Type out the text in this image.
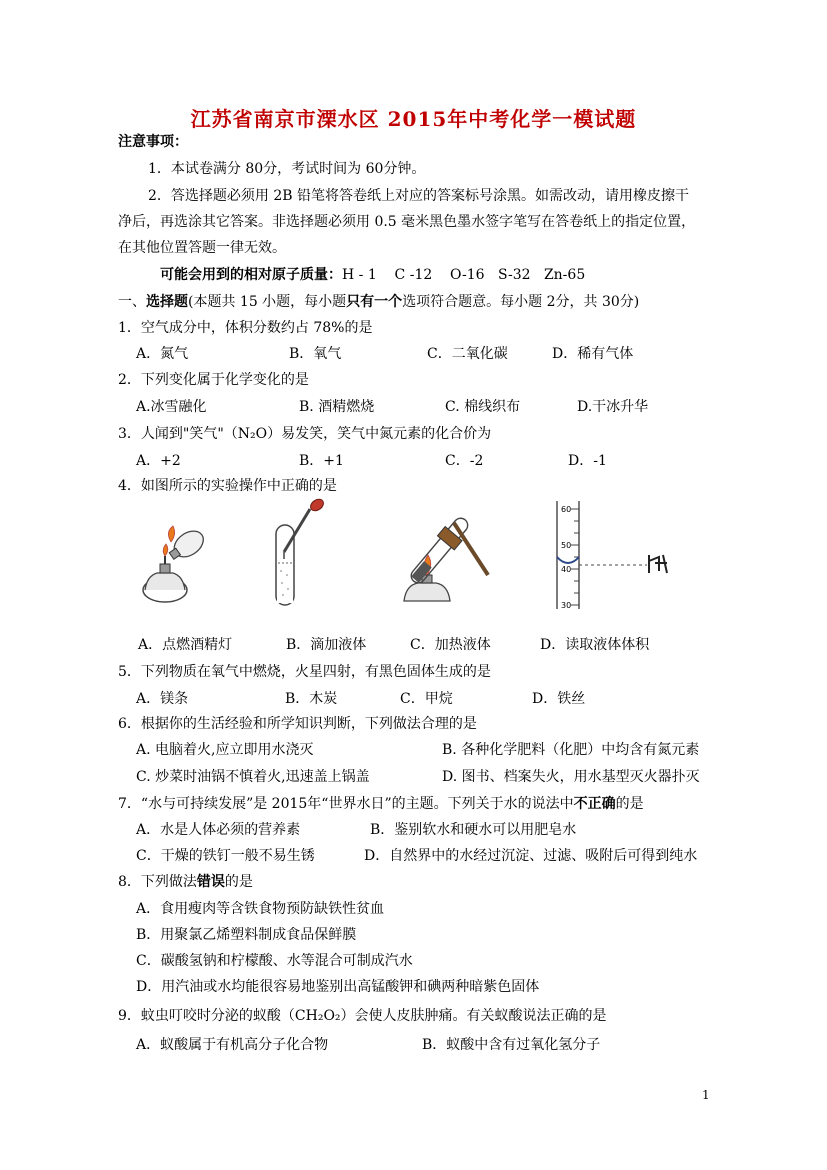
江苏省南京市溧水区 2015年中考化学一模试题
注意事项：
1．本试卷满分 80分，考试时间为 60分钟。
2．答选择题必须用 2B 铅笔将答卷纸上对应的答案标号涂黑。如需改动，请用橡皮擦干
净后，再选涂其它答案。非选择题必须用 0.5 毫米黑色墨水签字笔写在答卷纸上的指定位置，
在其他位置答题一律无效。
可能会用到的相对原子质量：H - 1    C -12    O-16   S-32   Zn-65
一、选择题(本题共 15 小题，每小题只有一个选项符合题意。每小题 2分，共 30分)
1．空气成分中，体积分数约占 78%的是
A．氮气	B．氧气	C．二氧化碳	D．稀有气体
2．下列变化属于化学变化的是
A.冰雪融化	B. 酒精燃烧	C. 棉线织布	D.干冰升华
3．人闻到"笑气"（N₂O）易发笑，笑气中氮元素的化合价为
A．+2	B．+1	C．-2	D．-1
4．如图所示的实验操作中正确的是
60
50
40
30
A．点燃酒精灯	B．滴加液体	C．加热液体	D．读取液体体积
5．下列物质在氧气中燃烧，火星四射，有黑色固体生成的是
A．镁条	B．木炭	C．甲烷	D．铁丝
6．根据你的生活经验和所学知识判断，下列做法合理的是
A. 电脑着火,应立即用水浇灭	B. 各种化学肥料（化肥）中均含有氮元素
C. 炒菜时油锅不慎着火,迅速盖上锅盖	D. 图书、档案失火，用水基型灭火器扑灭
7．“水与可持续发展”是 2015年“世界水日”的主题。下列关于水的说法中不正确的是
A．水是人体必须的营养素	B．鉴别软水和硬水可以用肥皂水
C．干燥的铁钉一般不易生锈	D．自然界中的水经过沉淀、过滤、吸附后可得到纯水
8．下列做法错误的是
A．食用瘦肉等含铁食物预防缺铁性贫血
B．用聚氯乙烯塑料制成食品保鲜膜
C．碳酸氢钠和柠檬酸、水等混合可制成汽水
D．用汽油或水均能很容易地鉴别出高锰酸钾和碘两种暗紫色固体
9．蚊虫叮咬时分泌的蚁酸（CH₂O₂）会使人皮肤肿痛。有关蚁酸说法正确的是
A．蚁酸属于有机高分子化合物	B．蚁酸中含有过氧化氢分子
1
